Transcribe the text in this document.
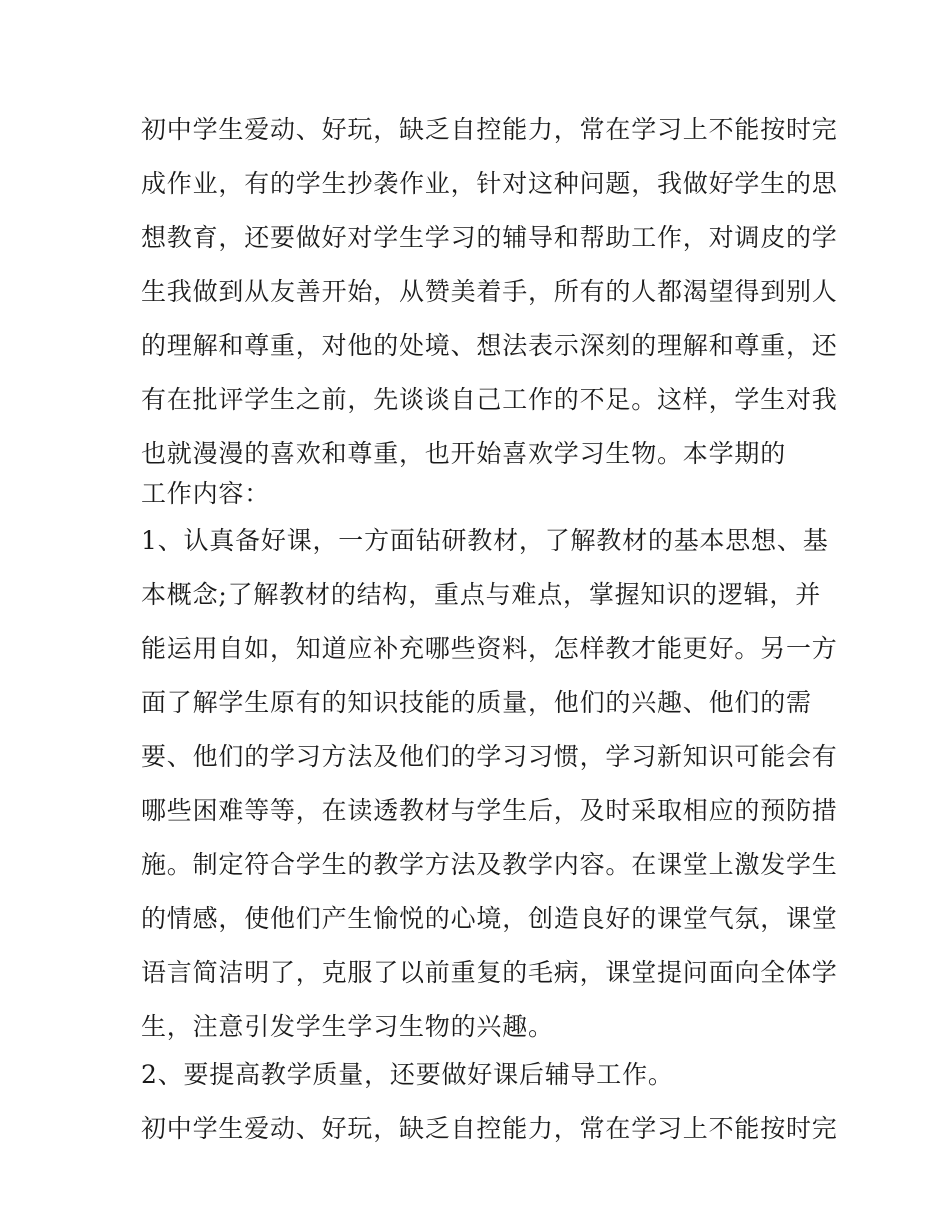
初中学生爱动、好玩，缺乏自控能力，常在学习上不能按时完

成作业，有的学生抄袭作业，针对这种问题，我做好学生的思

想教育，还要做好对学生学习的辅导和帮助工作，对调皮的学

生我做到从友善开始，从赞美着手，所有的人都渴望得到别人

的理解和尊重，对他的处境、想法表示深刻的理解和尊重，还

有在批评学生之前，先谈谈自己工作的不足。这样，学生对我

也就漫漫的喜欢和尊重，也开始喜欢学习生物。本学期的

工作内容：

1、认真备好课，一方面钻研教材，了解教材的基本思想、基

本概念;了解教材的结构，重点与难点，掌握知识的逻辑，并

能运用自如，知道应补充哪些资料，怎样教才能更好。另一方

面了解学生原有的知识技能的质量，他们的兴趣、他们的需

要、他们的学习方法及他们的学习习惯，学习新知识可能会有

哪些困难等等，在读透教材与学生后，及时采取相应的预防措

施。制定符合学生的教学方法及教学内容。在课堂上激发学生

的情感，使他们产生愉悦的心境，创造良好的课堂气氛，课堂

语言简洁明了，克服了以前重复的毛病，课堂提问面向全体学

生，注意引发学生学习生物的兴趣。

2、要提高教学质量，还要做好课后辅导工作。

初中学生爱动、好玩，缺乏自控能力，常在学习上不能按时完
